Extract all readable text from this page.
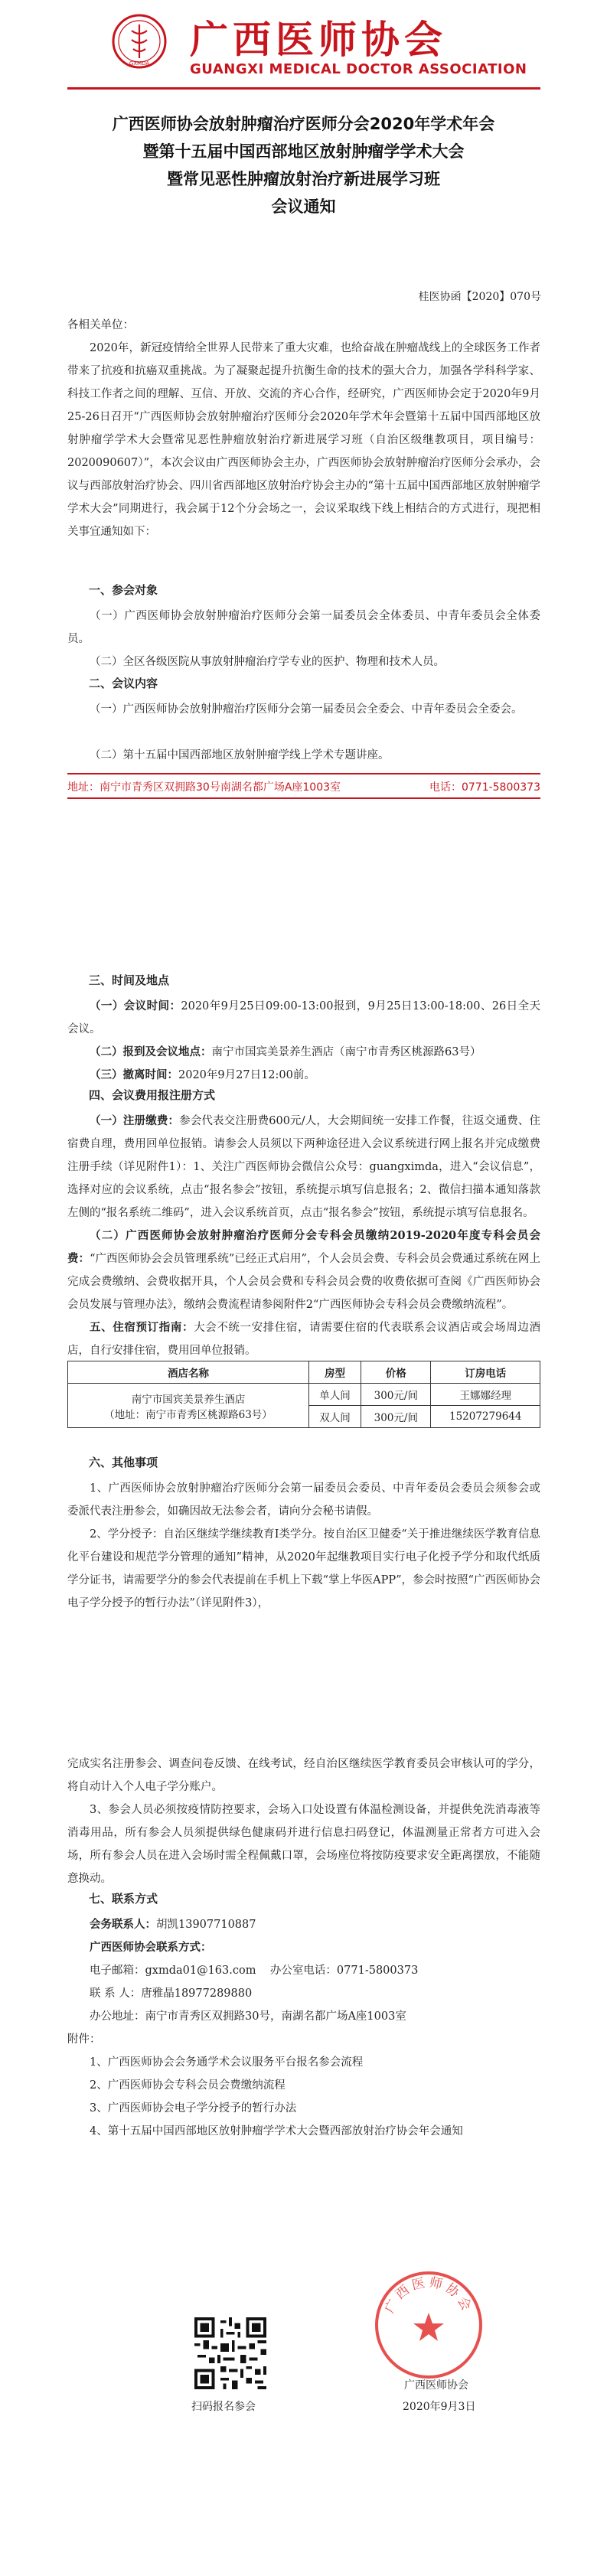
GXMDA
广西医师协会
GUANGXI MEDICAL DOCTOR ASSOCIATION
广西医师协会放射肿瘤治疗医师分会2020年学术年会
暨第十五届中国西部地区放射肿瘤学学术大会
暨常见恶性肿瘤放射治疗新进展学习班
会议通知
桂医协函【2020】070号

各相关单位：

2020年，新冠疫情给全世界人民带来了重大灾难，也给奋战在肿瘤战线上的全球医务工作者带来了抗疫和抗癌双重挑战。为了凝聚起提升抗衡生命的技术的强大合力，加强各学科科学家、科技工作者之间的理解、互信、开放、交流的齐心合作，经研究，广西医师协会定于2020年9月25-26日召开“广西医师协会放射肿瘤治疗医师分会2020年学术年会暨第十五届中国西部地区放射肿瘤学学术大会暨常见恶性肿瘤放射治疗新进展学习班（自治区级继教项目，项目编号：2020090607）”，本次会议由广西医师协会主办，广西医师协会放射肿瘤治疗医师分会承办，会议与西部放射治疗协会、四川省西部地区放射治疗协会主办的“第十五届中国西部地区放射肿瘤学学术大会”同期进行，我会属于12个分会场之一，会议采取线下线上相结合的方式进行，现把相关事宜通知如下：

一、参会对象

（一）广西医师协会放射肿瘤治疗医师分会第一届委员会全体委员、中青年委员会全体委员。

（二）全区各级医院从事放射肿瘤治疗学专业的医护、物理和技术人员。

二、会议内容

（一）广西医师协会放射肿瘤治疗医师分会第一届委员会全委会、中青年委员会全委会。

（二）第十五届中国西部地区放射肿瘤学线上学术专题讲座。

地址：南宁市青秀区双拥路30号南湖名都广场A座1003室	电话：0771-5800373
三、时间及地点

（一）会议时间：2020年9月25日09:00-13:00报到，9月25日13:00-18:00、26日全天会议。

（二）报到及会议地点：南宁市国宾美景养生酒店（南宁市青秀区桃源路63号）

（三）撤离时间：2020年9月27日12:00前。

四、会议费用报注册方式

（一）注册缴费：参会代表交注册费600元/人，大会期间统一安排工作餐，往返交通费、住宿费自理，费用回单位报销。请参会人员须以下两种途径进入会议系统进行网上报名并完成缴费注册手续（详见附件1）：1、关注广西医师协会微信公众号：guangximda，进入“会议信息”，选择对应的会议系统，点击“报名参会”按钮，系统提示填写信息报名；2、微信扫描本通知落款左侧的“报名系统二维码”，进入会议系统首页，点击“报名参会”按钮，系统提示填写信息报名。

（二）广西医师协会放射肿瘤治疗医师分会专科会员缴纳2019-2020年度专科会员会费：“广西医师协会会员管理系统”已经正式启用”，个人会员会费、专科会员会费通过系统在网上完成会费缴纳、会费收据开具，个人会员会费和专科会员会费的收费依据可查阅《广西医师协会会员发展与管理办法》，缴纳会费流程请参阅附件2“广西医师协会专科会员会费缴纳流程”。

五、住宿预订指南：大会不统一安排住宿，请需要住宿的代表联系会议酒店或会场周边酒店，自行安排住宿，费用回单位报销。

酒店名称	房型	价格	订房电话

南宁市国宾美景养生酒店
（地址：南宁市青秀区桃源路63号）	单人间	300元/间	王娜娜经理
	双人间	300元/间	15207279644
六、其他事项

1、广西医师协会放射肿瘤治疗医师分会第一届委员会委员、中青年委员会委员会须参会或委派代表注册参会，如确因故无法参会者，请向分会秘书请假。

2、学分授予：自治区继续学继续教育I类学分。按自治区卫健委“关于推进继续医学教育信息化平台建设和规范学分管理的通知”精神，从2020年起继教项目实行电子化授予学分和取代纸质学分证书，请需要学分的参会代表提前在手机上下载“掌上华医APP”，参会时按照“广西医师协会电子学分授予的暂行办法”（详见附件3），

完成实名注册参会、调查问卷反馈、在线考试，经自治区继续医学教育委员会审核认可的学分，将自动计入个人电子学分账户。

3、参会人员必须按疫情防控要求，会场入口处设置有体温检测设备，并提供免洗消毒液等消毒用品，所有参会人员须提供绿色健康码并进行信息扫码登记，体温测量正常者方可进入会场，所有参会人员在进入会场时需全程佩戴口罩，会场座位将按防疫要求安全距离摆放，不能随意换动。

七、联系方式

会务联系人：胡凯13907710887

广西医师协会联系方式：

电子邮箱：gxmda01@163.com 办公室电话：0771-5800373

联 系 人：唐雅晶18977289880

办公地址：南宁市青秀区双拥路30号，南湖名都广场A座1003室

附件：

1、广西医师协会会务通学术会议服务平台报名参会流程

2、广西医师协会专科会员会费缴纳流程

3、广西医师协会电子学分授予的暂行办法

4、第十五届中国西部地区放射肿瘤学学术大会暨西部放射治疗协会年会通知

扫码报名参会
广西医师协会
广西医师协会
2020年9月3日
